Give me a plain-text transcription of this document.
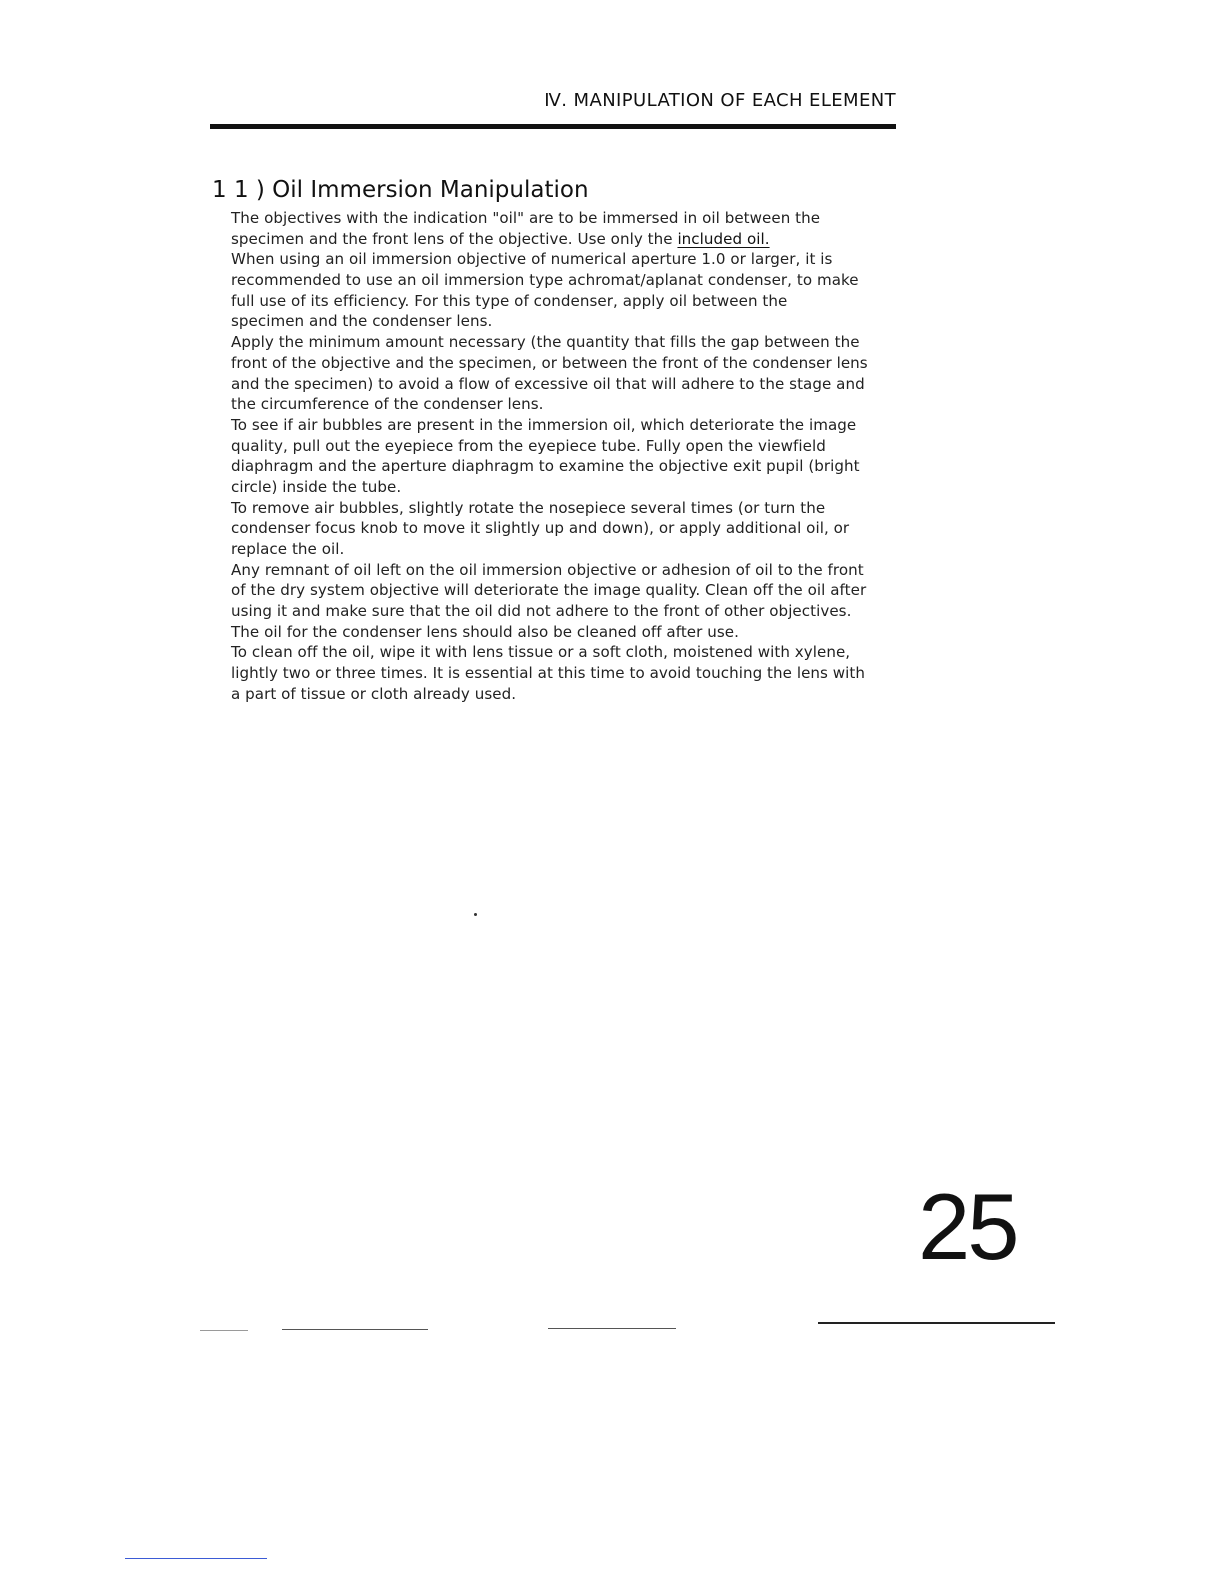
Ⅳ. MANIPULATION OF EACH ELEMENT
1 1 ) Oil Immersion Manipulation
The objectives with the indication "oil" are to be immersed in oil between the
specimen and the front lens of the objective. Use only the included oil.
When using an oil immersion objective of numerical aperture 1.0 or larger, it is
recommended to use an oil immersion type achromat/aplanat condenser, to make
full use of its efficiency. For this type of condenser, apply oil between the
specimen and the condenser lens.
Apply the minimum amount necessary (the quantity that fills the gap between the
front of the objective and the specimen, or between the front of the condenser lens
and the specimen) to avoid a flow of excessive oil that will adhere to the stage and
the circumference of the condenser lens.
To see if air bubbles are present in the immersion oil, which deteriorate the image
quality, pull out the eyepiece from the eyepiece tube. Fully open the viewfield
diaphragm and the aperture diaphragm to examine the objective exit pupil (bright
circle) inside the tube.
To remove air bubbles, slightly rotate the nosepiece several times (or turn the
condenser focus knob to move it slightly up and down), or apply additional oil, or
replace the oil.
Any remnant of oil left on the oil immersion objective or adhesion of oil to the front
of the dry system objective will deteriorate the image quality. Clean off the oil after
using it and make sure that the oil did not adhere to the front of other objectives.
The oil for the condenser lens should also be cleaned off after use.
To clean off the oil, wipe it with lens tissue or a soft cloth, moistened with xylene,
lightly two or three times. It is essential at this time to avoid touching the lens with
a part of tissue or cloth already used.
25
